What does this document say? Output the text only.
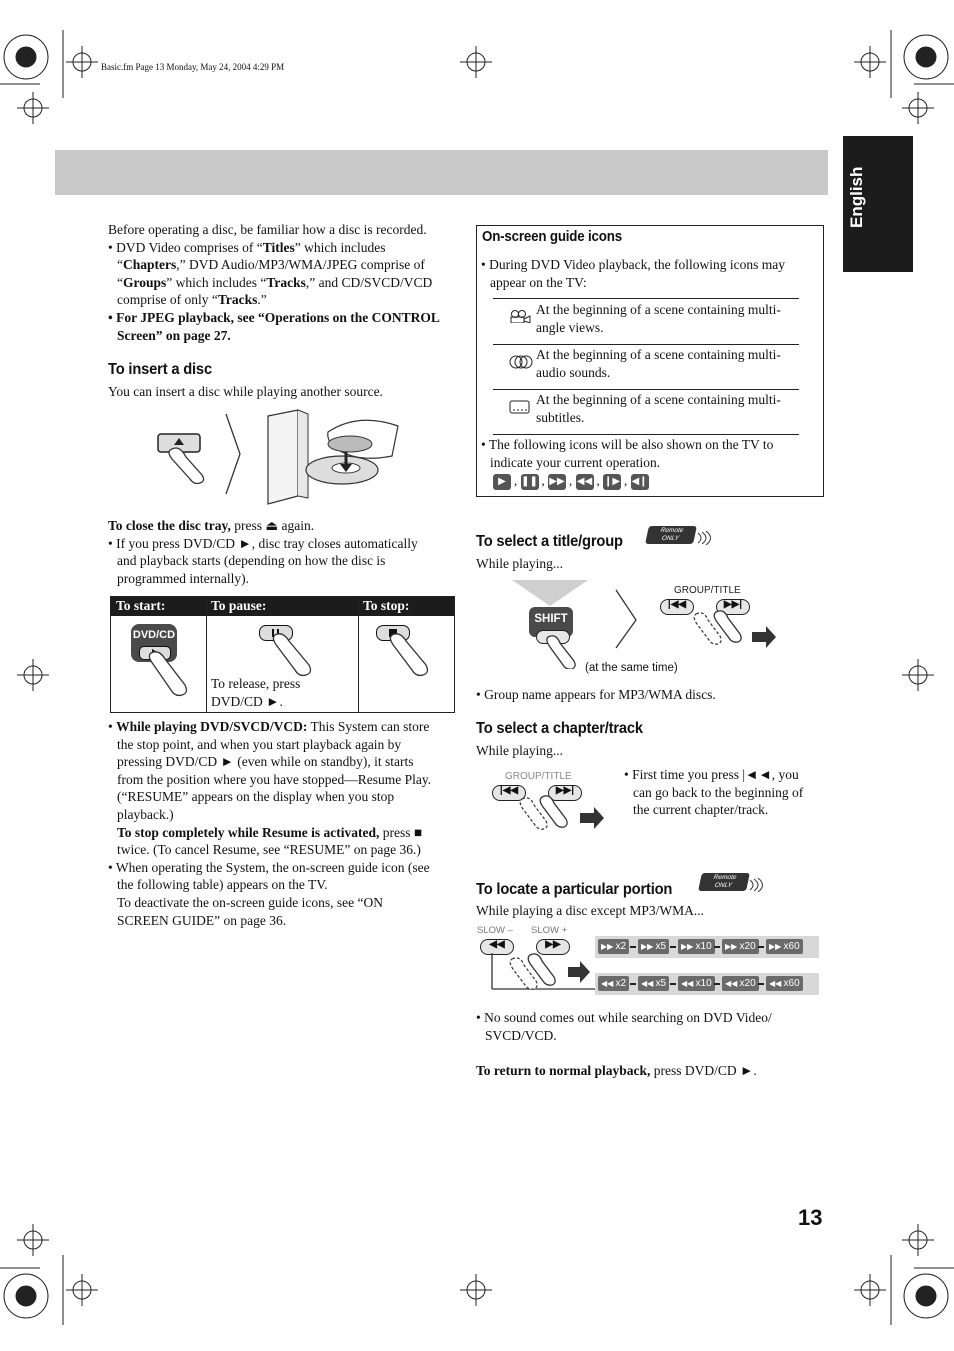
Basic.fm Page 13 Monday, May 24, 2004 4:29 PM
English
Before operating a disc, be familiar how a disc is recorded.
• DVD Video comprises of “Titles” which includes
“Chapters,” DVD Audio/MP3/WMA/JPEG comprise of
“Groups” which includes “Tracks,” and CD/SVCD/VCD
comprise of only “Tracks.”
• For JPEG playback, see “Operations on the CONTROL
Screen” on page 27.
To insert a disc
You can insert a disc while playing another source.
To close the disc tray, press ⏏ again.
• If you press DVD/CD ►, disc tray closes automatically
and playback starts (depending on how the disc is
programmed internally).
To start:	To pause:	To stop:
DVD/CD
To release, press
DVD/CD ►.
• While playing DVD/SVCD/VCD: This System can store
the stop point, and when you start playback again by
pressing DVD/CD ► (even while on standby), it starts
from the position where you have stopped—Resume Play.
(“RESUME” appears on the display when you stop
playback.)
To stop completely while Resume is activated, press ■
twice. (To cancel Resume, see “RESUME” on page 36.)
• When operating the System, the on-screen guide icon (see
the following table) appears on the TV.
To deactivate the on-screen guide icons, see “ON
SCREEN GUIDE” on page 36.
On-screen guide icons
• During DVD Video playback, the following icons may
appear on the TV:
At the beginning of a scene containing multi-
angle views.
At the beginning of a scene containing multi-
audio sounds.
At the beginning of a scene containing multi-
subtitles.
• The following icons will be also shown on the TV to
indicate your current operation.
▶ , ❚❚ , ▶▶ , ◀◀ , ❙▶ , ◀❙
To select a title/group
Remote
ONLY
While playing...
SHIFT
GROUP/TITLE
|◀◀	▶▶|
(at the same time)
• Group name appears for MP3/WMA discs.
To select a chapter/track
While playing...
GROUP/TITLE
|◀◀	▶▶|
• First time you press |◄◄, you
can go back to the beginning of
the current chapter/track.
To locate a particular portion
Remote
ONLY
While playing a disc except MP3/WMA...
SLOW – SLOW +
◀◀	▶▶	▶▶ x2	▶▶ x5	▶▶ x10	▶▶ x20	▶▶ x60
◀◀ x2	◀◀ x5	◀◀ x10	◀◀ x20	◀◀ x60
• No sound comes out while searching on DVD Video/
SVCD/VCD.
To return to normal playback, press DVD/CD ►.
13
